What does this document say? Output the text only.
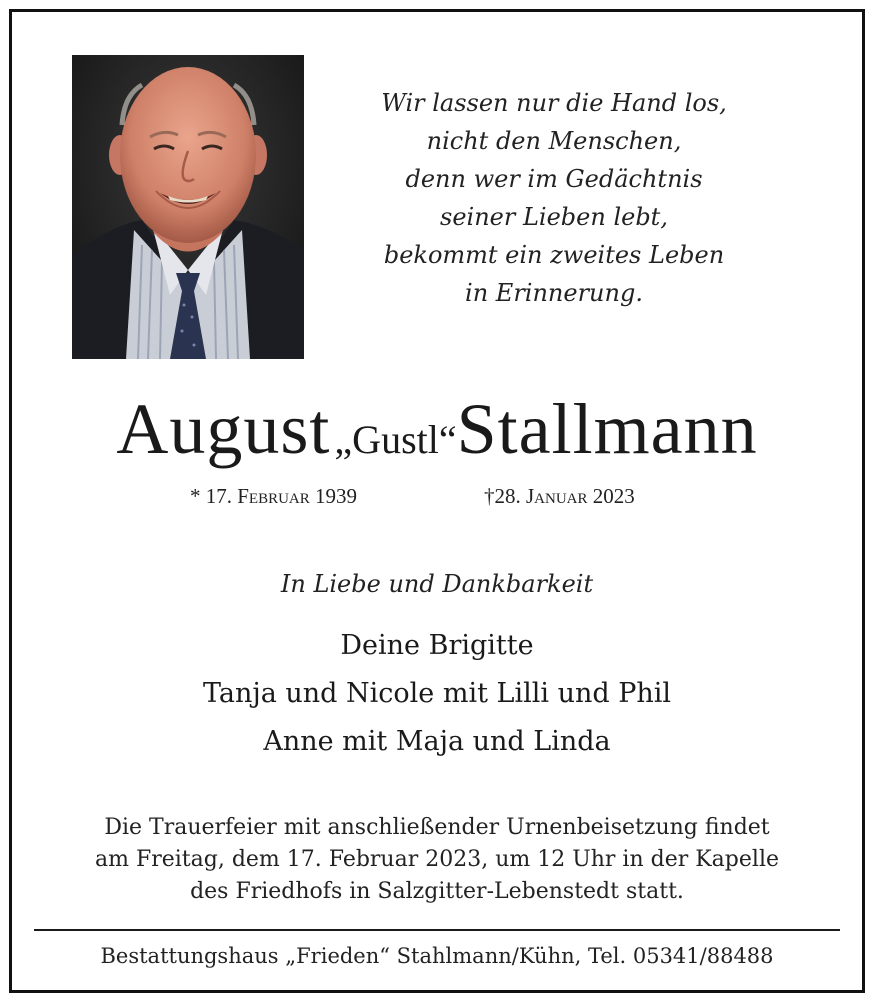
Wir lassen nur die Hand los,
nicht den Menschen,
denn wer im Gedächtnis
seiner Lieben lebt,
bekommt ein zweites Leben
in Erinnerung.
August „Gustl“Stallmann
* 17. Februar 1939	†28. Januar 2023
In Liebe und Dankbarkeit
Deine Brigitte
Tanja und Nicole mit Lilli und Phil
Anne mit Maja und Linda
Die Trauerfeier mit anschließender Urnenbeisetzung findet
am Freitag, dem 17. Februar 2023, um 12 Uhr in der Kapelle
des Friedhofs in Salzgitter-Lebenstedt statt.
Bestattungshaus „Frieden“ Stahlmann/Kühn, Tel. 05341/88488
